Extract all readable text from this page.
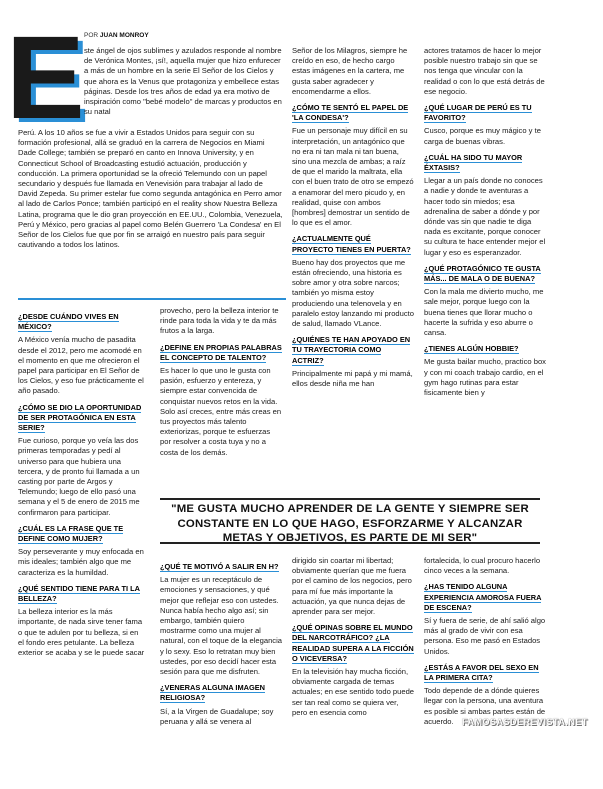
E POR JUAN MONROY
ste ángel de ojos sublimes y azulados responde al nombre de Verónica Montes, ¡sí!, aquella mujer que hizo enfurecer a más de un hombre en la serie El Señor de los Cielos y que ahora es la Venus que protagoniza y embellece estas páginas. Desde los tres años de edad ya era motivo de inspiración como "bebé modelo" de marcas y productos en su natal
Perú. A los 10 años se fue a vivir a Estados Unidos para seguir con su formación profesional, allá se graduó en la carrera de Negocios en Miami Dade College; también se preparó en canto en Innova University, y en Connecticut School of Broadcasting estudió actuación, producción y conducción. La primera oportunidad se la ofreció Telemundo con un papel secundario y después fue llamada en Venevisión para trabajar al lado de David Zepeda. Su primer estelar fue como segunda antagónica en Perro amor al lado de Carlos Ponce; también participó en el reality show Nuestra Belleza Latina, programa que le dio gran proyección en EE.UU., Colombia, Venezuela, Perú y México, pero gracias al papel como Belén Guerrero 'La Condesa' en El Señor de los Cielos fue que por fin se arraigó en nuestro país para seguir cautivando a todos los latinos.
¿DESDE CUÁNDO VIVES EN MÉXICO?

A México venía mucho de pasadita desde el 2012, pero me acomodé en el momento en que me ofrecieron el papel para participar en El Señor de los Cielos, y eso fue prácticamente el año pasado.

¿CÓMO SE DIO LA OPORTUNIDAD DE SER PROTAGÓNICA EN ESTA SERIE?

Fue curioso, porque yo veía las dos primeras temporadas y pedí al universo para que hubiera una tercera, y de pronto fui llamada a un casting por parte de Argos y Telemundo; luego de ello pasó una semana y el 5 de enero de 2015 me confirmaron para participar.

¿CUÁL ES LA FRASE QUE TE DEFINE COMO MUJER?

Soy perseverante y muy enfocada en mis ideales; también algo que me caracteriza es la humildad.

¿QUÉ SENTIDO TIENE PARA TI LA BELLEZA?

La belleza interior es la más importante, de nada sirve tener fama o que te adulen por tu belleza, si en el fondo eres petulante. La belleza exterior se acaba y se le puede sacar

provecho, pero la belleza interior te rinde para toda la vida y te da más frutos a la larga.

¿DEFINE EN PROPIAS PALABRAS EL CONCEPTO DE TALENTO?

Es hacer lo que uno le gusta con pasión, esfuerzo y entereza, y siempre estar convencida de conquistar nuevos retos en la vida. Solo así creces, entre más creas en tus proyectos más talento exteriorizas, porque te esfuerzas por resolver a costa tuya y no a costa de los demás.

¿QUÉ TE MOTIVÓ A SALIR EN H?

La mujer es un receptáculo de emociones y sensaciones, y qué mejor que reflejar eso con ustedes. Nunca había hecho algo así; sin embargo, también quiero mostrarme como una mujer al natural, con el toque de la elegancia y lo sexy. Eso lo retratan muy bien ustedes, por eso decidí hacer esta sesión para que me disfruten.

¿VENERAS ALGUNA IMAGEN RELIGIOSA?

Sí, a la Virgen de Guadalupe; soy peruana y allá se venera al

Señor de los Milagros, siempre he creído en eso, de hecho cargo estas imágenes en la cartera, me gusta saber agradecer y encomendarme a ellos.

¿CÓMO TE SENTÓ EL PAPEL DE 'LA CONDESA'?

Fue un personaje muy difícil en su interpretación, un antagónico que no era ni tan mala ni tan buena, sino una mezcla de ambas; a raíz de que el marido la maltrata, ella con el buen trato de otro se empezó a enamorar del mero picudo y, en realidad, quise con ambos [hombres] demostrar un sentido de lo que es el amor.

¿ACTUALMENTE QUÉ PROYECTO TIENES EN PUERTA?

Bueno hay dos proyectos que me están ofreciendo, una historia es sobre amor y otra sobre narcos; también yo misma estoy produciendo una telenovela y en paralelo estoy lanzando mi producto de salud, llamado VLance.

¿QUIÉNES TE HAN APOYADO EN TU TRAYECTORIA COMO ACTRIZ?

Principalmente mi papá y mi mamá, ellos desde niña me han

dirigido sin coartar mi libertad; obviamente querían que me fuera por el camino de los negocios, pero para mí fue más importante la actuación, ya que nunca dejas de aprender para ser mejor.

¿QUÉ OPINAS SOBRE EL MUNDO DEL NARCOTRÁFICO? ¿LA REALIDAD SUPERA A LA FICCIÓN O VICEVERSA?

En la televisión hay mucha ficción, obviamente cargada de temas actuales; en ese sentido todo puede ser tan real como se quiera ver, pero en esencia como

actores tratamos de hacer lo mejor posible nuestro trabajo sin que se nos tenga que vincular con la realidad o con lo que está detrás de ese negocio.

¿QUÉ LUGAR DE PERÚ ES TU FAVORITO?

Cusco, porque es muy mágico y te carga de buenas vibras.

¿CUÁL HA SIDO TU MAYOR ÉXTASIS?

Llegar a un país donde no conoces a nadie y donde te aventuras a hacer todo sin miedos; esa adrenalina de saber a dónde y por dónde vas sin que nadie te diga nada es excitante, porque conocer su cultura te hace entender mejor el lugar y eso es esperanzador.

¿QUÉ PROTAGÓNICO TE GUSTA MÁS... DE MALA O DE BUENA?

Con la mala me divierto mucho, me sale mejor, porque luego con la buena tienes que llorar mucho o hacerte la sufrida y eso aburre o cansa.

¿TIENES ALGÚN HOBBIE?

Me gusta bailar mucho, practico box y con mi coach trabajo cardio, en el gym hago rutinas para estar fisicamente bien y

fortalecida, lo cual procuro hacerlo cinco veces a la semana.

¿HAS TENIDO ALGUNA EXPERIENCIA AMOROSA FUERA DE ESCENA?

Sí y fuera de serie, de ahí salió algo más al grado de vivir con esa persona. Eso me pasó en Estados Unidos.

¿ESTÁS A FAVOR DEL SEXO EN LA PRIMERA CITA?

Todo depende de a dónde quieres llegar con la persona, una aventura es posible si ambas partes están de acuerdo.

"ME GUSTA MUCHO APRENDER DE LA GENTE Y SIEMPRE SER CONSTANTE EN LO QUE HAGO, ESFORZARME Y ALCANZAR METAS Y OBJETIVOS, ES PARTE DE MI SER"
FAMOSASDEREVISTA.NET
